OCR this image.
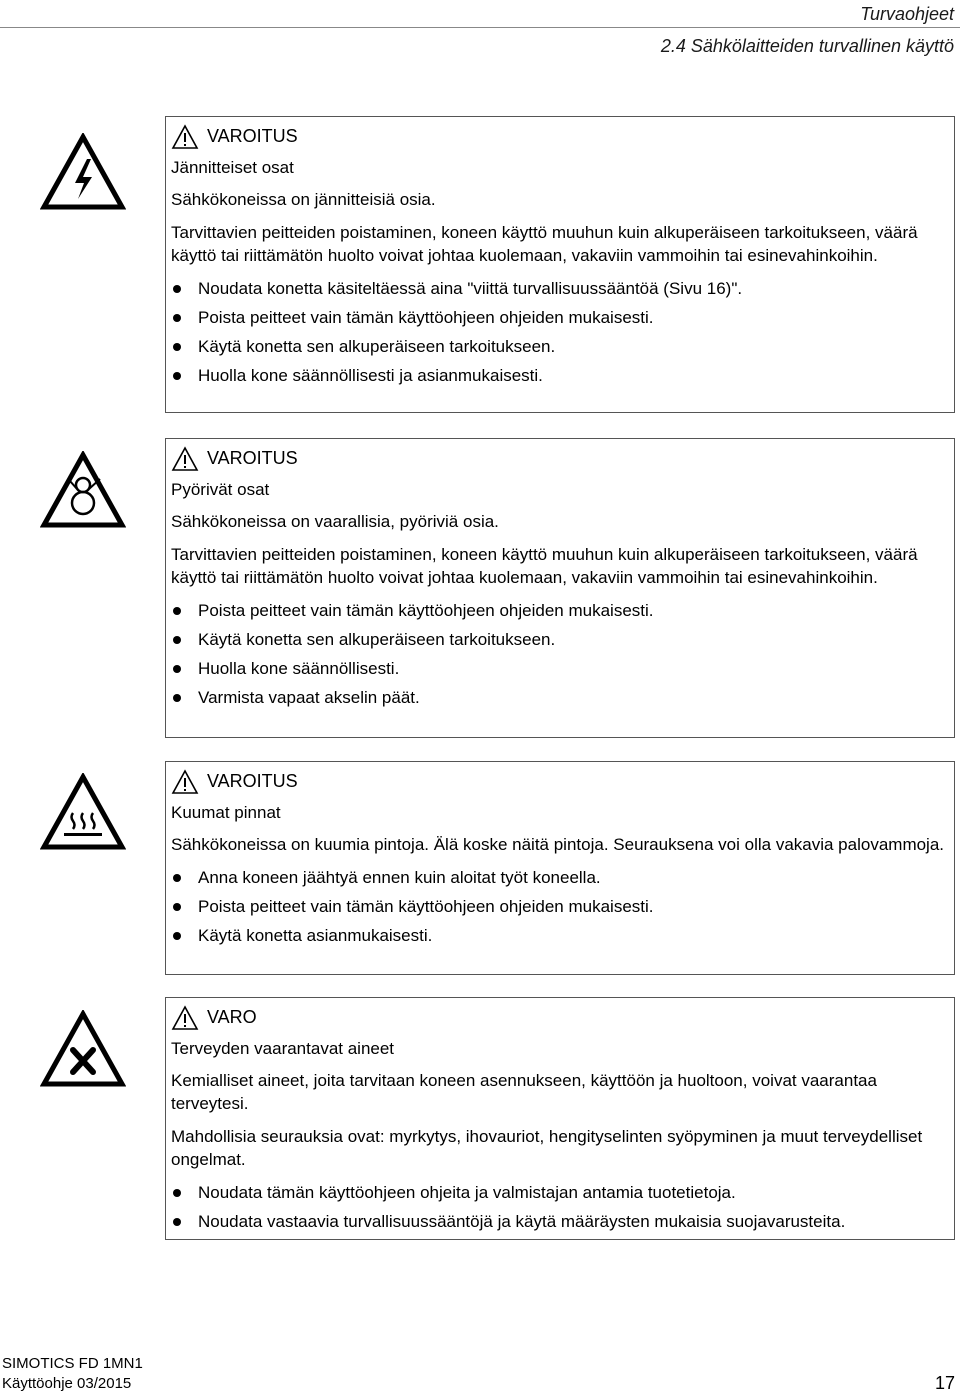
Turvaohjeet
2.4 Sähkölaitteiden turvallinen käyttö
VAROITUS
Jännitteiset osat

Sähkökoneissa on jännitteisiä osia.

Tarvittavien peitteiden poistaminen, koneen käyttö muuhun kuin alkuperäiseen tarkoitukseen, väärä käyttö tai riittämätön huolto voivat johtaa kuolemaan, vakaviin vammoihin tai esinevahinkoihin.

Noudata konetta käsiteltäessä aina "viittä turvallisuussääntöä (Sivu 16)".
Poista peitteet vain tämän käyttöohjeen ohjeiden mukaisesti.
Käytä konetta sen alkuperäiseen tarkoitukseen.
Huolla kone säännöllisesti ja asianmukaisesti.
VAROITUS
Pyörivät osat

Sähkökoneissa on vaarallisia, pyöriviä osia.

Tarvittavien peitteiden poistaminen, koneen käyttö muuhun kuin alkuperäiseen tarkoitukseen, väärä käyttö tai riittämätön huolto voivat johtaa kuolemaan, vakaviin vammoihin tai esinevahinkoihin.

Poista peitteet vain tämän käyttöohjeen ohjeiden mukaisesti.
Käytä konetta sen alkuperäiseen tarkoitukseen.
Huolla kone säännöllisesti.
Varmista vapaat akselin päät.
VAROITUS
Kuumat pinnat

Sähkökoneissa on kuumia pintoja. Älä koske näitä pintoja. Seurauksena voi olla vakavia palovammoja.

Anna koneen jäähtyä ennen kuin aloitat työt koneella.
Poista peitteet vain tämän käyttöohjeen ohjeiden mukaisesti.
Käytä konetta asianmukaisesti.
VARO
Terveyden vaarantavat aineet

Kemialliset aineet, joita tarvitaan koneen asennukseen, käyttöön ja huoltoon, voivat vaarantaa terveytesi.

Mahdollisia seurauksia ovat: myrkytys, ihovauriot, hengityselinten syöpyminen ja muut terveydelliset ongelmat.

Noudata tämän käyttöohjeen ohjeita ja valmistajan antamia tuotetietoja.
Noudata vastaavia turvallisuussääntöjä ja käytä määräysten mukaisia suojavarusteita.
SIMOTICS FD 1MN1
Käyttöohje 03/2015	17
